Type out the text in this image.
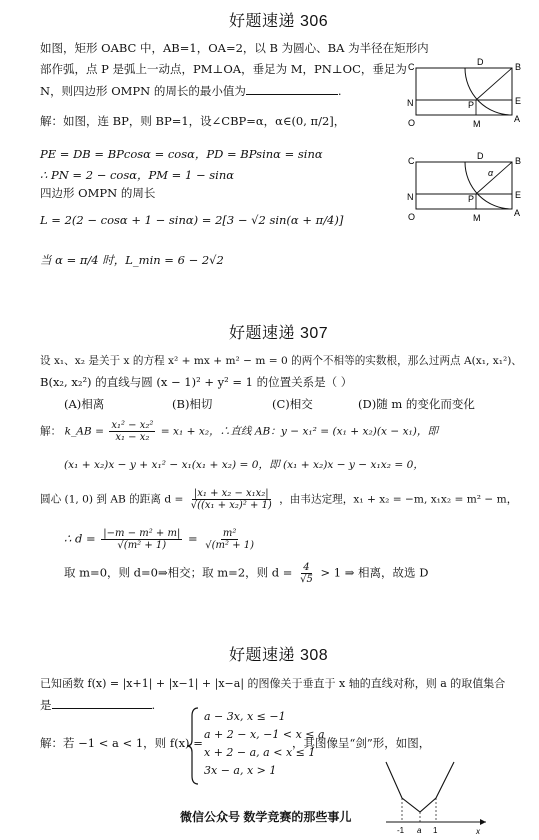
好题速递 306
如图，矩形 OABC 中，AB=1，OA=2，以 B 为圆心、BA 为半径在矩形内
部作弧，点 P 是弧上一动点，PM⊥OA，垂足为 M，PN⊥OC，垂足为
N，则四边形 OMPN 的周长的最小值为	.
解：如图，连 BP，则 BP=1，设∠CBP=α，α∈(0, π/2]，
PE = DB = BPcosα = cosα，PD = BPsinα = sinα
∴ PN = 2 − cosα，PM = 1 − sinα
四边形 OMPN 的周长
L = 2(2 − cosα + 1 − sinα) = 2[3 − √2 sin(α + π/4)]
当 α = π/4 时，L_min = 6 − 2√2
C	D	B
N	P	E
O	M	A
C	D	B
α
N	P	E
O	M	A
好题速递 307
设 x₁、x₂ 是关于 x 的方程 x² + mx + m² − m = 0 的两个不相等的实数根，那么过两点 A(x₁, x₁²)、
B(x₂, x₂²) 的直线与圆 (x − 1)² + y² = 1 的位置关系是（ ）
(A)相离	(B)相切	(C)相交	(D)随 m 的变化而变化
解： k_AB = $\frac{\text{x₁² − x₂²}}{\text{x₁ − x₂}} = x_1 + x_2$，∴直线 AB：y − x₁² = (x₁ + x₂)(x − x₁)，即
(x₁ + x₂)x − y + x₁² − x₁(x₁ + x₂) = 0，即 (x₁ + x₂)x − y − x₁x₂ = 0，
圆心 (1, 0) 到 AB 的距离 $d = \frac{\text{|x₁ + x₂ − x₁x₂|}}{\text{√((x₁ + x₂)² + 1)}}$ ，由韦达定理，x₁ + x₂ = −m, x₁x₂ = m² − m，
∴ $d = \frac{\text{|−m − m² + m|}}{\text{√(m² + 1)}} = \frac{\text{m²}}{\text{√(m² + 1)}}$
取 m=0，则 d=0⇒相交；取 m=2，则 $d = \frac{4}{√5} > 1$ ⇒ 相离，故选 D
好题速递 308
已知函数 f(x) = |x+1| + |x−1| + |x−a| 的图像关于垂直于 x 轴的直线对称，则 a 的取值集合
是	.
解：若 −1 < a < 1，则 f(x) =
a − 3x, x ≤ −1
a + 2 − x, −1 < x ≤ a
x + 2 − a, a < x ≤ 1
3x − a, x > 1
，其图像呈“剑”形，如图，
-1 a 1	x
微信公众号 数学竞赛的那些事儿
